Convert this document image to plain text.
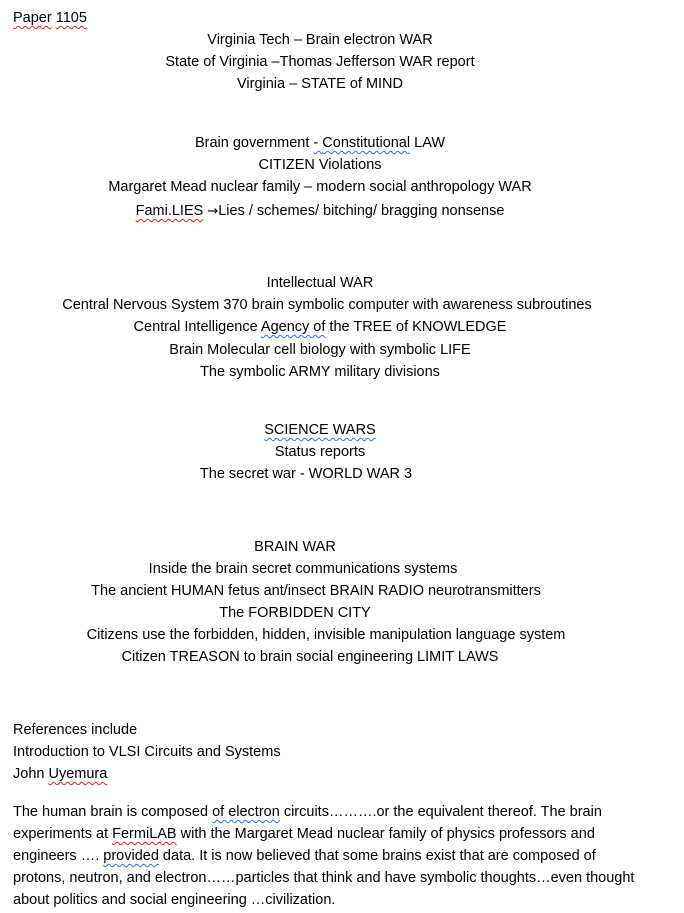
Paper 1105
Virginia Tech – Brain electron WAR
State of Virginia –Thomas Jefferson WAR report
Virginia – STATE of MIND
Brain government - Constitutional LAW
CITIZEN Violations
Margaret Mead nuclear family – modern social anthropology WAR
Fami.LIES →Lies / schemes/ bitching/ bragging nonsense
Intellectual WAR
Central Nervous System 370 brain symbolic computer with awareness subroutines
Central Intelligence Agency of the TREE of KNOWLEDGE
Brain Molecular cell biology with symbolic LIFE
The symbolic ARMY military divisions
SCIENCE WARS
Status reports
The secret war - WORLD WAR 3
BRAIN WAR
Inside the brain secret communications systems
The ancient HUMAN fetus ant/insect BRAIN RADIO neurotransmitters
The FORBIDDEN CITY
Citizens use the forbidden, hidden, invisible manipulation language system
Citizen TREASON to brain social engineering LIMIT LAWS
References include
Introduction to VLSI Circuits and Systems
John Uyemura
The human brain is composed of electron circuits……….or the equivalent thereof. The brain
experiments at FermiLAB with the Margaret Mead nuclear family of physics professors and
engineers …. provided data. It is now believed that some brains exist that are composed of
protons, neutron, and electron……particles that think and have symbolic thoughts…even thought
about politics and social engineering …civilization.
